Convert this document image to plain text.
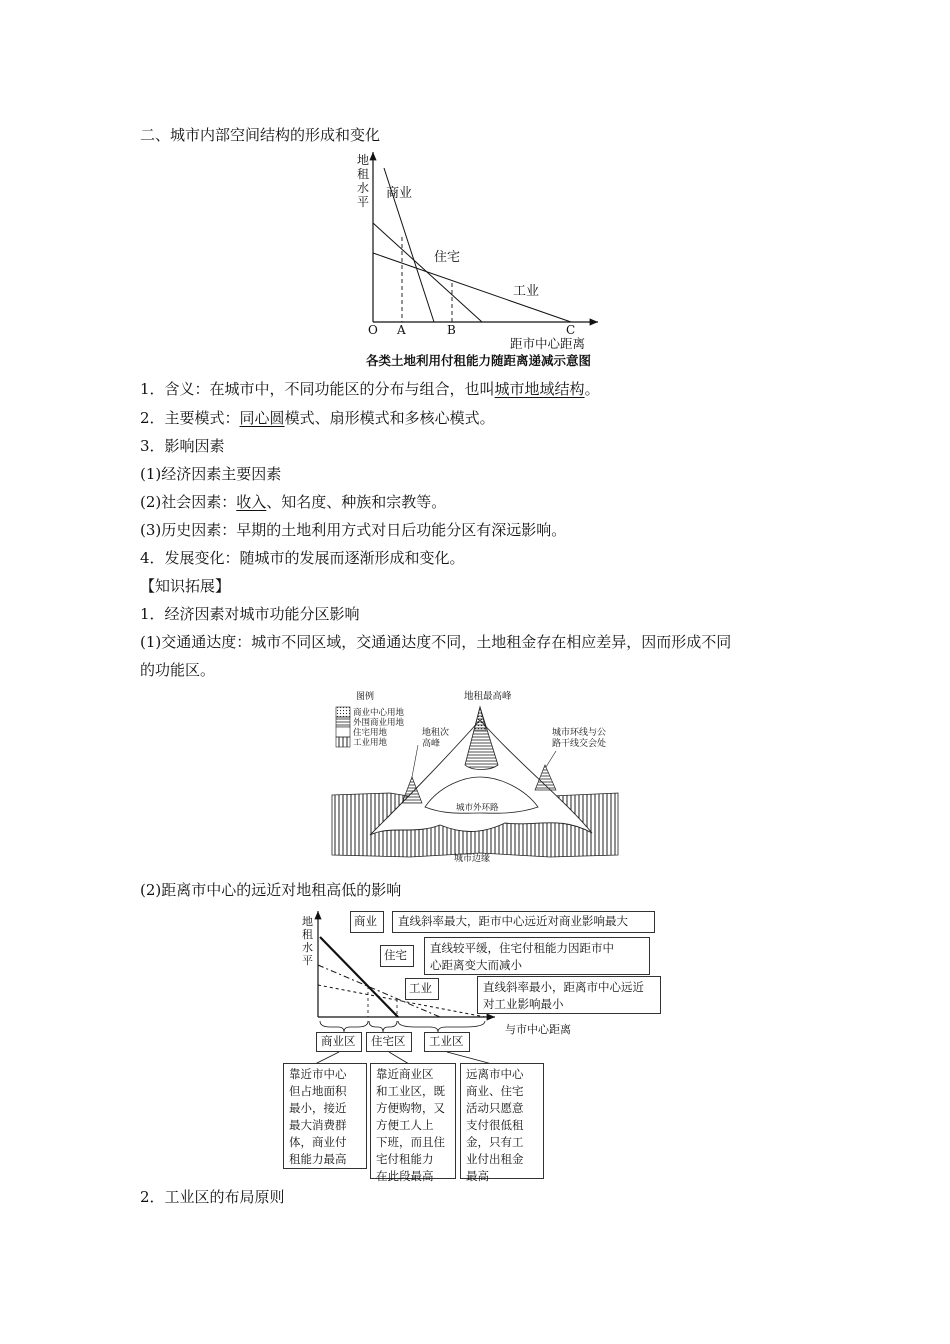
二、城市内部空间结构的形成和变化
地
租
水
平
商业
住宅
工业
O A	B	C
距市中心距离
各类土地利用付租能力随距离递减示意图
1．含义：在城市中，不同功能区的分布与组合，也叫城市地域结构。
2．主要模式：同心圆模式、扇形模式和多核心模式。
3．影响因素
(1)经济因素主要因素
(2)社会因素：收入、知名度、种族和宗教等。
(3)历史因素：早期的土地利用方式对日后功能分区有深远影响。
4．发展变化：随城市的发展而逐渐形成和变化。
【知识拓展】
1．经济因素对城市功能分区影响
(1)交通通达度：城市不同区域，交通通达度不同，土地租金存在相应差异，因而形成不同
的功能区。
图例
商业中心用地
外围商业用地
住宅用地
工业用地
地租最高峰
地租次
高峰
城市环线与公
路干线交会处
城市外环路
城市边缘
(2)距离市中心的远近对地租高低的影响
地
租
水
平
与市中心距离
商业	直线斜率最大，距市中心远近对商业影响最大
住宅	直线较平缓，住宅付租能力因距市中
心距离变大而减小
工业	直线斜率最小，距离市中心远近
对工业影响最小
商业区	住宅区	工业区
靠近市中心
但占地面积
最小，接近
最大消费群
体，商业付
租能力最高
靠近商业区
和工业区，既
方便购物，又
方便工人上
下班，而且住
宅付租能力
在此段最高
远离市中心
商业、住宅
活动只愿意
支付很低租
金，只有工
业付出租金
最高
2．工业区的布局原则
